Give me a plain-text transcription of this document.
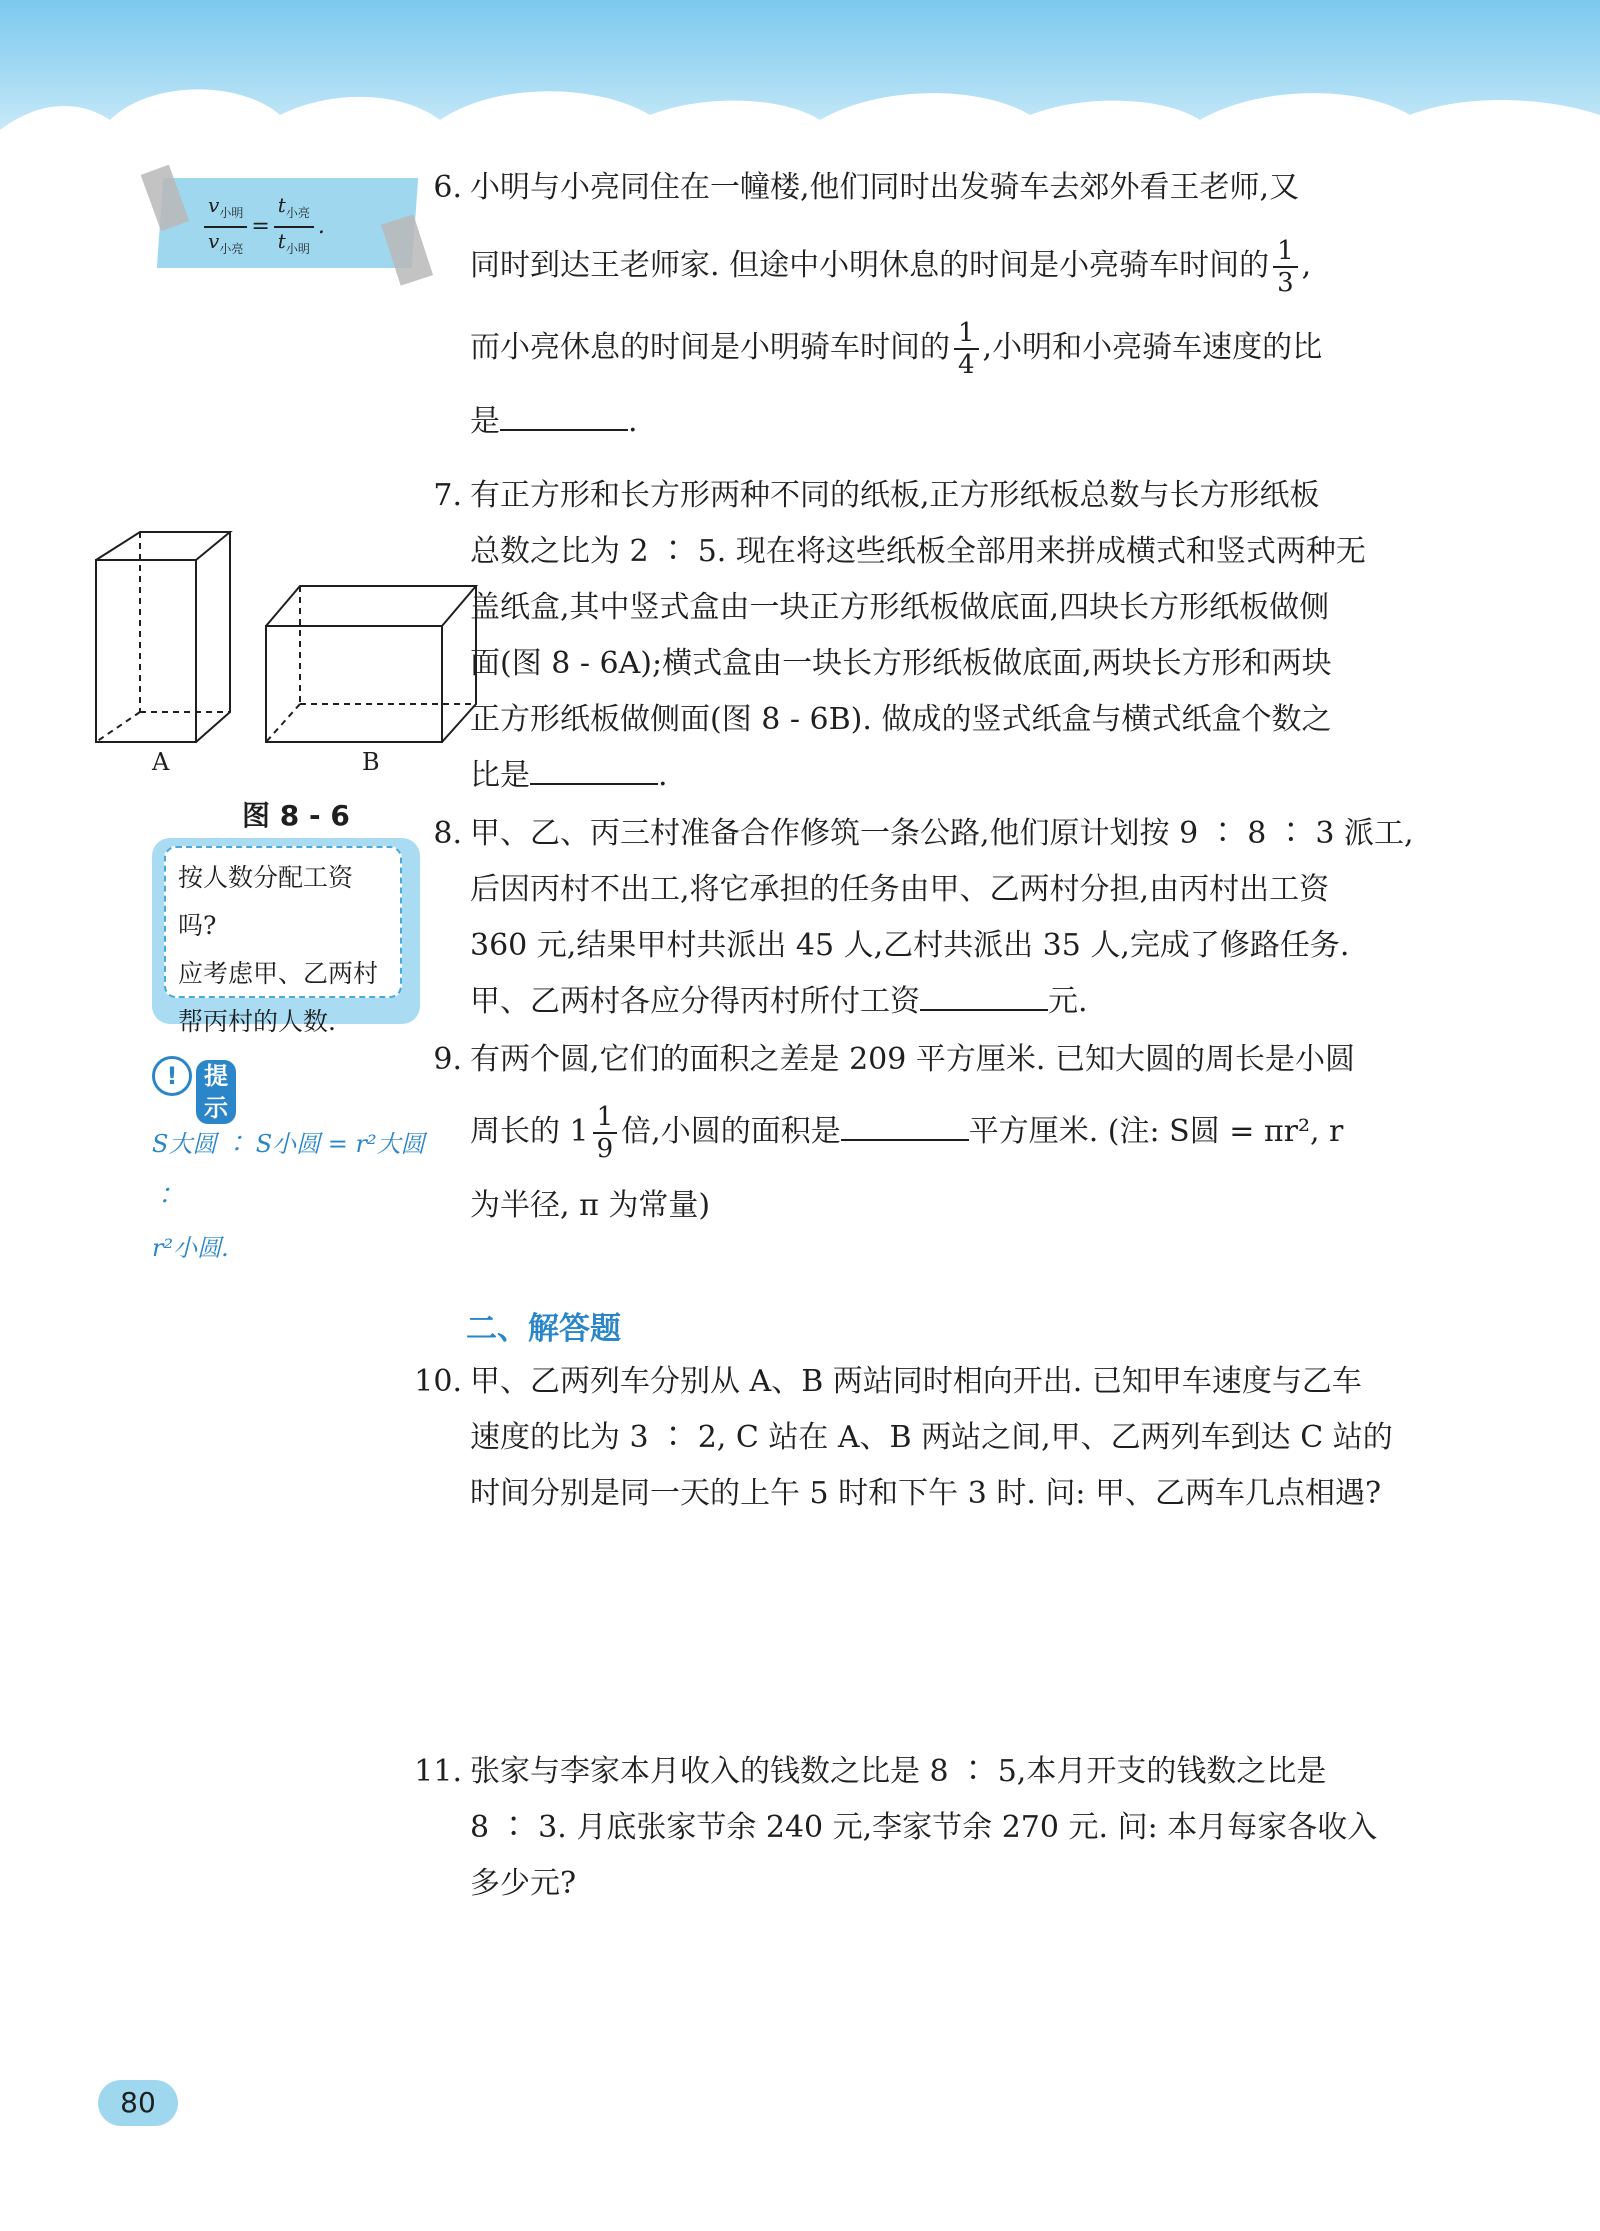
$\frac{v_{小明}}{v_{小亮}} = \frac{t_{小亮}}{t_{小明}}$ .
A	B
图 8 - 6
按人数分配工资吗?
应考虑甲、乙两村
帮丙村的人数.
!	提示
S大圆 ∶ S小圆 = r²大圆 ∶
r²小圆.
6. 小明与小亮同住在一幢楼,他们同时出发骑车去郊外看王老师,又
同时到达王老师家. 但途中小明休息的时间是小亮骑车时间的 $\frac{1}{3}$ ,
而小亮休息的时间是小明骑车时间的 $\frac{1}{4}$ ,小明和小亮骑车速度的比
是	.
7. 有正方形和长方形两种不同的纸板,正方形纸板总数与长方形纸板
总数之比为 2 ∶ 5. 现在将这些纸板全部用来拼成横式和竖式两种无
盖纸盒,其中竖式盒由一块正方形纸板做底面,四块长方形纸板做侧
面(图 8 - 6A);横式盒由一块长方形纸板做底面,两块长方形和两块
正方形纸板做侧面(图 8 - 6B). 做成的竖式纸盒与横式纸盒个数之
比是	.
8. 甲、乙、丙三村准备合作修筑一条公路,他们原计划按 9 ∶ 8 ∶ 3 派工,
后因丙村不出工,将它承担的任务由甲、乙两村分担,由丙村出工资
360 元,结果甲村共派出 45 人,乙村共派出 35 人,完成了修路任务.
甲、乙两村各应分得丙村所付工资	元.
9. 有两个圆,它们的面积之差是 209 平方厘米. 已知大圆的周长是小圆
周长的 $1 \frac{1}{9}$ 倍,小圆的面积是	平方厘米. (注: S圆 = πr², r
为半径, π 为常量)
二、解答题
10. 甲、乙两列车分别从 A、B 两站同时相向开出. 已知甲车速度与乙车
速度的比为 3 ∶ 2, C 站在 A、B 两站之间,甲、乙两列车到达 C 站的
时间分别是同一天的上午 5 时和下午 3 时. 问: 甲、乙两车几点相遇?
11. 张家与李家本月收入的钱数之比是 8 ∶ 5,本月开支的钱数之比是
8 ∶ 3. 月底张家节余 240 元,李家节余 270 元. 问: 本月每家各收入
多少元?
80
